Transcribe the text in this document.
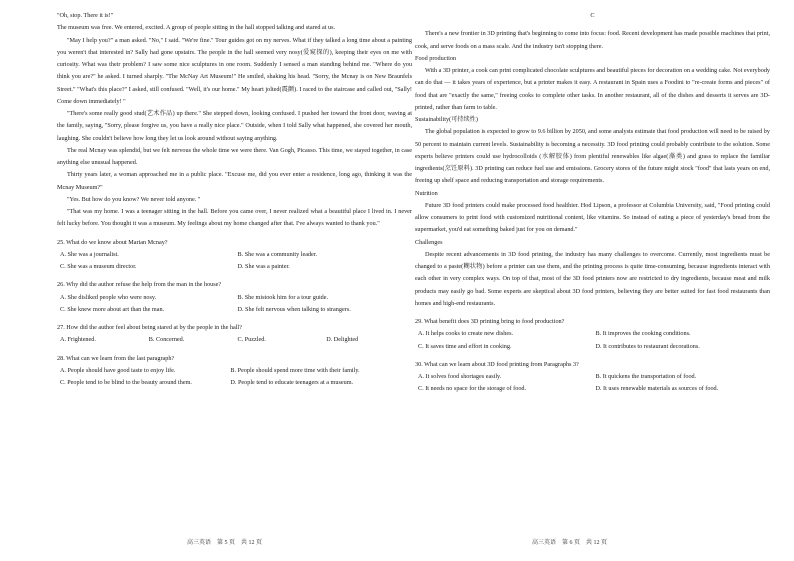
"Oh, stop. There it is!"

The museum was free. We entered, excited. A group of people sitting in the hall stopped talking and stared at us.

"May I help you?" a man asked. "No," I said. "We're fine." Tour guides got on my nerves. What if they talked a long time about a painting you weren't that interested in? Sally had gone upstairs. The people in the hall seemed very nosy(爱窥探的), keeping their eyes on me with curiosity. What was their problem? I saw some nice sculptures in one room. Suddenly I sensed a man standing behind me. "Where do you think you are?" he asked. I turned sharply. "The McNay Art Museum!" He smiled, shaking his head. "Sorry, the Mcnay is on New Braunfels Street." "What's this place?" I asked, still confused. "Well, it's our home." My heart jolted(震颤). I raced to the staircase and called out, "Sally! Come down immediately! "

"There's some really good stud(艺术作品) up there." She stepped down, looking confused. I pushed her toward the front door, waving at the family, saying, "Sorry, please forgive us, you have a really nice place." Outside, when I told Sally what happened, she covered her mouth, laughing. She couldn't believe how long they let us look around without saying anything.

The real Mcnay was splendid, but we felt nervous the whole time we were there. Van Gogh, Picasso. This time, we stayed together, in case anything else unusual happened.

Thirty years later, a woman approached me in a public place. "Excuse me, did you ever enter a residence, long ago, thinking it was the Mcnay Museum?"

"Yes. But how do you know? We never told anyone. "

"That was my home. I was a teenager sitting in the hall. Before you came over, I never realized what a beautiful place I lived in. I never felt lucky before. You thought it was a museum. My feelings about my home changed after that. I've always wanted to thank you."

25. What do we know about Marian Mcnay?

A. She was a journalist.	B. She was a community leader.
C. She was a museum director.	D. She was a painter.

26. Why did the author refuse the help from the man in the house?

A. She disliked people who were nosy.	B. She mistook him for a tour guide.
C. She knew more about art than the man.	D. She felt nervous when talking to strangers.

27. How did the author feel about being stared at by the people in the hall?

A. Frightened.	B. Concerned.	C. Puzzled.	D. Delighted

28. What can we learn from the last paragraph?

A. People should have good taste to enjoy life.	B. People should spend more time with their family.
C. People tend to be blind to the beauty around them.	D. People tend to educate teenagers at a museum.
高三英语　第 5 页　共 12 页

C

There's a new frontier in 3D printing that's beginning to come into focus: food. Recent development has made possible machines that print, cook, and serve foods on a mass scale. And the industry isn't stopping there.

Food production

With a 3D printer, a cook can print complicated chocolate sculptures and beautiful pieces for decoration on a wedding cake. Not everybody can do that — it takes years of experience, but a printer makes it easy. A restaurant in Spain uses a Foodini to "re-create forms and pieces" of food that are "exactly the same," freeing cooks to complete other tasks. In another restaurant, all of the dishes and desserts it serves are 3D-printed, rather than farm to table.

Sustainability(可持续性)

The global population is expected to grow to 9.6 billion by 2050, and some analysts estimate that food production will need to be raised by 50 percent to maintain current levels. Sustainability is becoming a necessity. 3D food printing could probably contribute to the solution. Some experts believe printers could use hydrocolloids (水解胶体) from plentiful renewables like algae(藻类) and grass to replace the familiar ingredients(烹饪原料). 3D printing can reduce fuel use and emissions. Grocery stores of the future might stock "food" that lasts years on end, freeing up shelf space and reducing transportation and storage requirements.

Nutrition

Future 3D food printers could make processed food healthier. Hod Lipson, a professor at Columbia University, said, "Food printing could allow consumers to print food with customized nutritional content, like vitamins. So instead of eating a piece of yesterday's bread from the supermarket, you'd eat something baked just for you on demand."

Challenges

Despite recent advancements in 3D food printing, the industry has many challenges to overcome. Currently, most ingredients must be changed to a paste(糊状物) before a printer can use them, and the printing process is quite time-consuming, because ingredients interact with each other in very complex ways. On top of that, most of the 3D food printers now are restricted to dry ingredients, because meat and milk products may easily go bad. Some experts are skeptical about 3D food printers, believing they are better suited for fast food restaurants than homes and high-end restaurants.

29. What benefit does 3D printing bring to food production?

A. It helps cooks to create new dishes.	B. It improves the cooking conditions.
C. It saves time and effort in cooking.	D. It contributes to restaurant decorations.

30. What can we learn about 3D food printing from Paragraphs 3?

A. It solves food shortages easily.	B. It quickens the transportation of food.
C. It needs no space for the storage of food.	D. It uses renewable materials as sources of food.
高三英语　第 6 页　共 12 页
